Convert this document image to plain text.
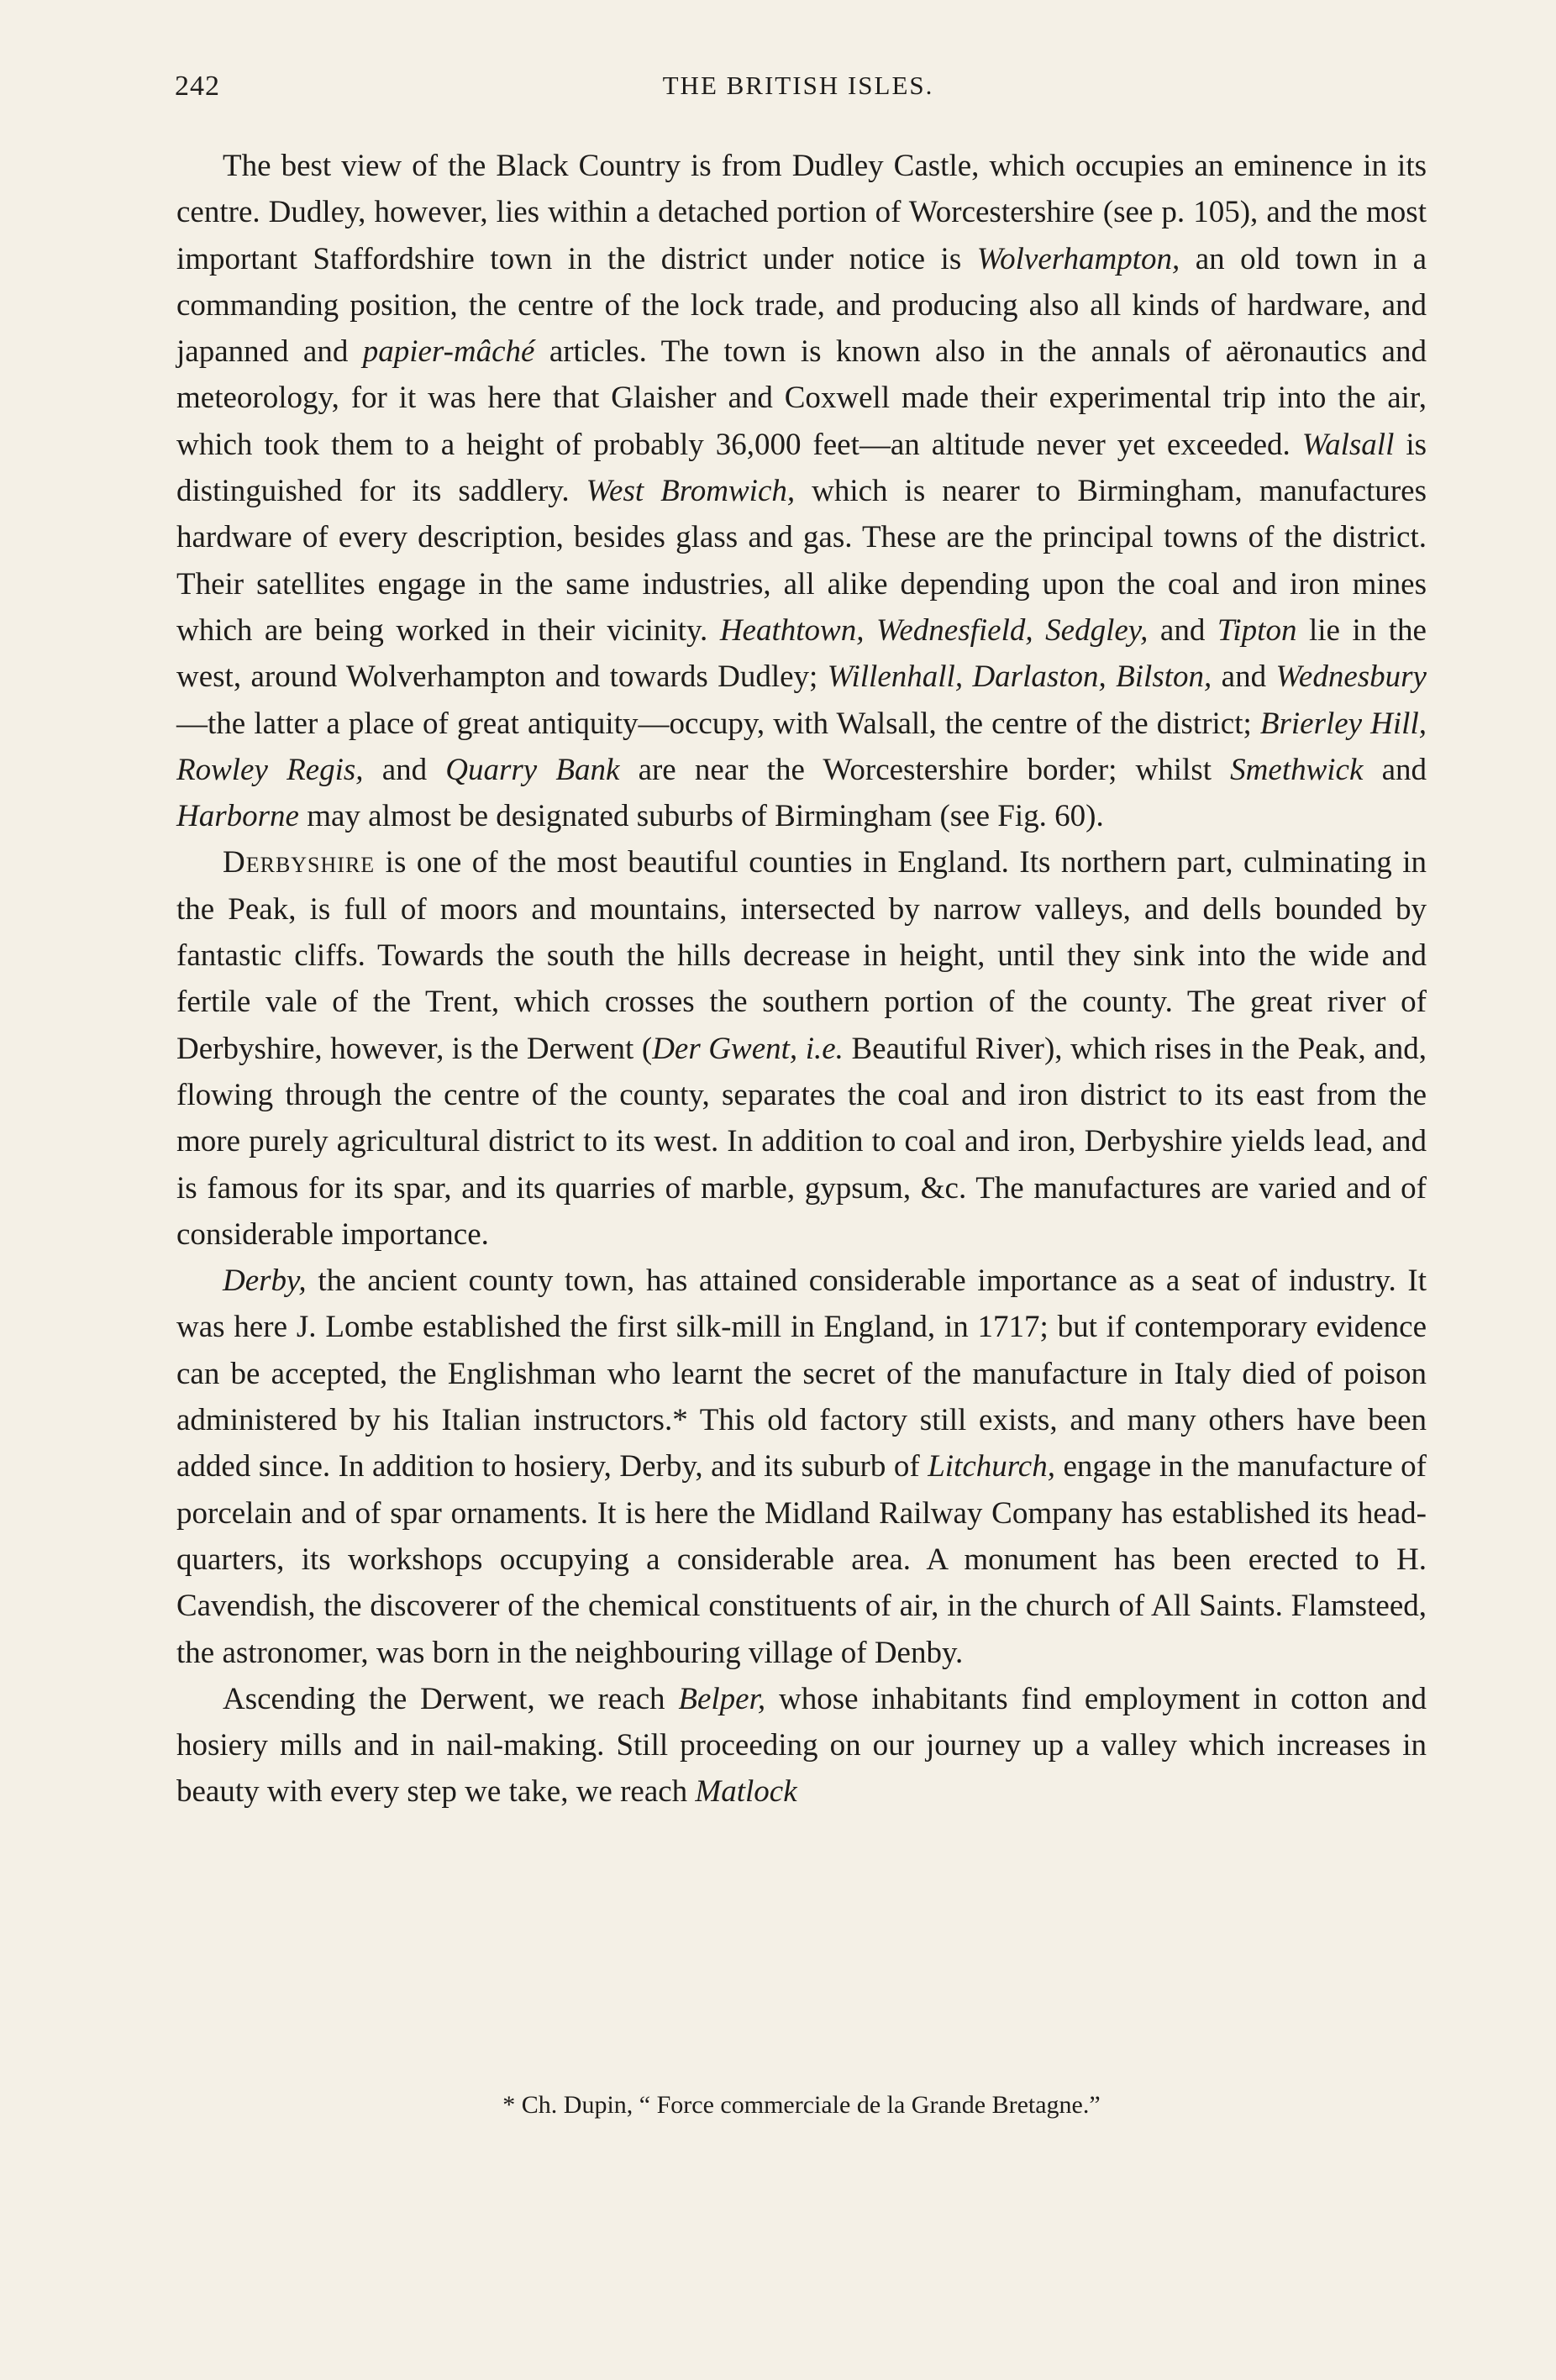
242	THE BRITISH ISLES.

The best view of the Black Country is from Dudley Castle, which occupies an eminence in its centre. Dudley, however, lies within a detached portion of Worcestershire (see p. 105), and the most important Staffordshire town in the district under notice is Wolverhampton, an old town in a commanding position, the centre of the lock trade, and producing also all kinds of hardware, and japanned and papier-mâché articles. The town is known also in the annals of aëronautics and meteorology, for it was here that Glaisher and Coxwell made their experimental trip into the air, which took them to a height of probably 36,000 feet—an altitude never yet exceeded. Walsall is distinguished for its saddlery. West Bromwich, which is nearer to Birmingham, manufactures hardware of every description, besides glass and gas. These are the principal towns of the district. Their satellites engage in the same industries, all alike depending upon the coal and iron mines which are being worked in their vicinity. Heathtown, Wednesfield, Sedgley, and Tipton lie in the west, around Wolverhampton and towards Dudley; Willenhall, Darlaston, Bilston, and Wednesbury—the latter a place of great antiquity—occupy, with Walsall, the centre of the district; Brierley Hill, Rowley Regis, and Quarry Bank are near the Worcestershire border; whilst Smethwick and Harborne may almost be designated suburbs of Birmingham (see Fig. 60).

Derbyshire is one of the most beautiful counties in England. Its northern part, culminating in the Peak, is full of moors and mountains, intersected by narrow valleys, and dells bounded by fantastic cliffs. Towards the south the hills decrease in height, until they sink into the wide and fertile vale of the Trent, which crosses the southern portion of the county. The great river of Derbyshire, however, is the Derwent (Der Gwent, i.e. Beautiful River), which rises in the Peak, and, flowing through the centre of the county, separates the coal and iron district to its east from the more purely agricultural district to its west. In addition to coal and iron, Derbyshire yields lead, and is famous for its spar, and its quarries of marble, gypsum, &c. The manufactures are varied and of considerable importance.

Derby, the ancient county town, has attained considerable importance as a seat of industry. It was here J. Lombe established the first silk-mill in England, in 1717; but if contemporary evidence can be accepted, the Englishman who learnt the secret of the manufacture in Italy died of poison administered by his Italian instructors.* This old factory still exists, and many others have been added since. In addition to hosiery, Derby, and its suburb of Litchurch, engage in the manufacture of porcelain and of spar ornaments. It is here the Midland Railway Company has established its head-quarters, its workshops occupying a considerable area. A monument has been erected to H. Cavendish, the discoverer of the chemical constituents of air, in the church of All Saints. Flamsteed, the astronomer, was born in the neighbouring village of Denby.

Ascending the Derwent, we reach Belper, whose inhabitants find employment in cotton and hosiery mills and in nail-making. Still proceeding on our journey up a valley which increases in beauty with every step we take, we reach Matlock

* Ch. Dupin, “ Force commerciale de la Grande Bretagne.”
